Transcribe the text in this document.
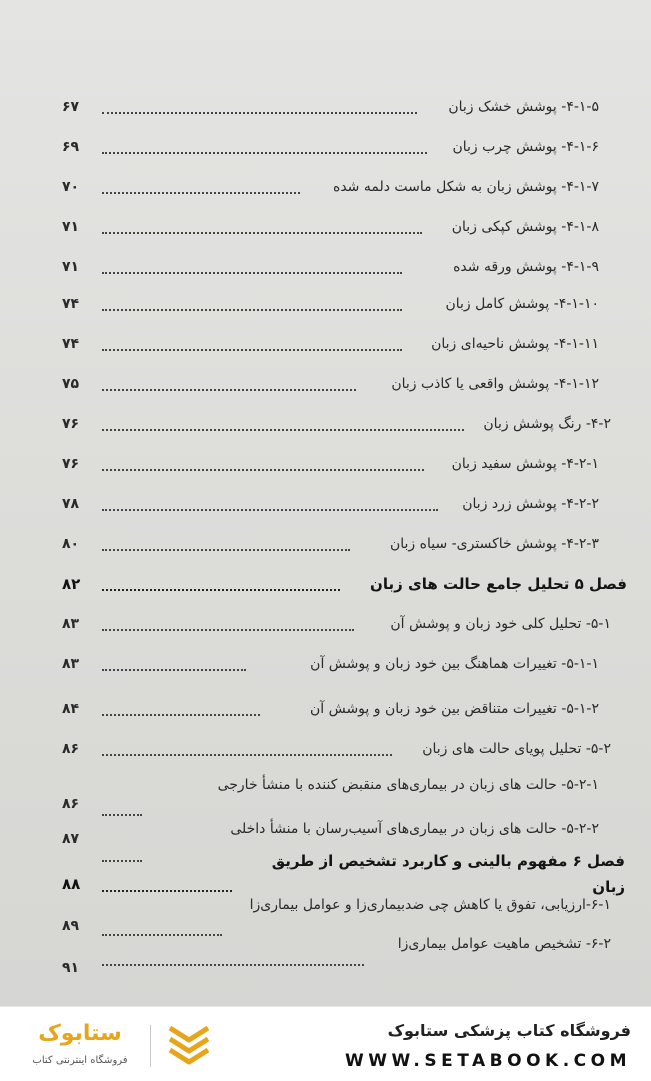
۴-۱-۵- پوشش خشک زبان
۶۷
۴-۱-۶- پوشش چرب زبان
۶۹
۴-۱-۷- پوشش زبان به شکل ماست دلمه شده
۷۰
۴-۱-۸- پوشش کپکی زبان
۷۱
۴-۱-۹- پوشش ورقه شده
۷۱
۴-۱-۱۰- پوشش کامل زبان
۷۴
۴-۱-۱۱- پوشش ناحیه‌ای زبان
۷۴
۴-۱-۱۲- پوشش واقعی یا کاذب زبان
۷۵
۴-۲- رنگ پوشش زبان
۷۶
۴-۲-۱- پوشش سفید زبان
۷۶
۴-۲-۲- پوشش زرد زبان
۷۸
۴-۲-۳- پوشش خاکستری- سیاه زبان
۸۰
فصل ۵ تحلیل جامع حالت های زبان
۸۲
۵-۱- تحلیل کلی خود زبان و پوشش آن
۸۳
۵-۱-۱- تغییرات هماهنگ بین خود زبان و پوشش آن
۸۳
۵-۱-۲- تغییرات متناقض بین خود زبان و پوشش آن
۸۴
۵-۲- تحلیل پویای حالت های زبان
۸۶
۵-۲-۱- حالت های زبان در بیماری‌های منقبض کننده با منشأ خارجی
۸۶
۵-۲-۲- حالت های زبان در بیماری‌های آسیب‌رسان با منشأ داخلی
۸۷
فصل ۶ مفهوم بالینی و کاربرد تشخیص از طریق زبان
۸۸
۶-۱-ارزیابی، تفوق یا کاهش چی ضدبیماری‌زا و عوامل بیماری‌زا
۸۹
۶-۲- تشخیص ماهیت عوامل بیماری‌زا
۹۱
ستابوک
فروشگاه اینترنتی کتاب
فروشگاه کتاب پزشکی ستابوک
WWW.SETABOOK.COM
